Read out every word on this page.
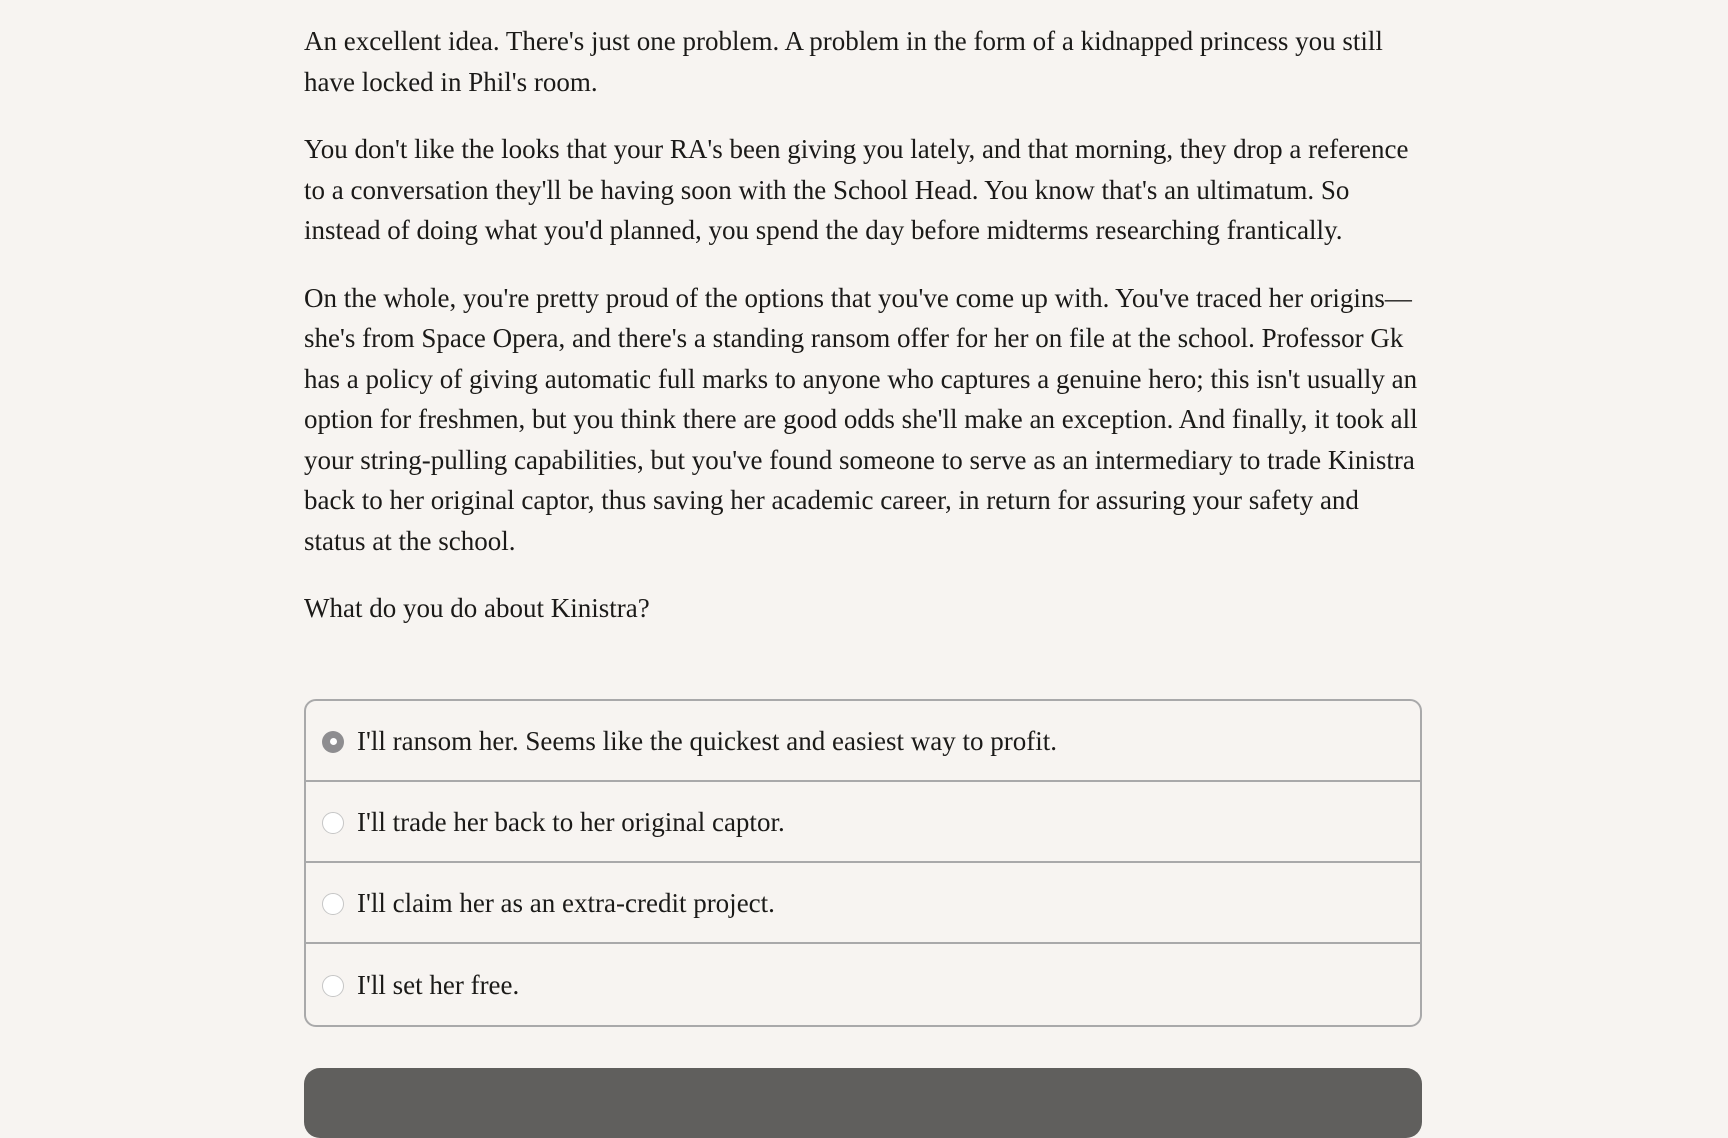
An excellent idea. There's just one problem. A problem in the form of a kidnapped princess you still have locked in Phil's room.

You don't like the looks that your RA's been giving you lately, and that morning, they drop a reference to a conversation they'll be having soon with the School Head. You know that's an ultimatum. So instead of doing what you'd planned, you spend the day before midterms researching frantically.

On the whole, you're pretty proud of the options that you've come up with. You've traced her origins—she's from Space Opera, and there's a standing ransom offer for her on file at the school. Professor Gk has a policy of giving automatic full marks to anyone who captures a genuine hero; this isn't usually an option for freshmen, but you think there are good odds she'll make an exception. And finally, it took all your string-pulling capabilities, but you've found someone to serve as an intermediary to trade Kinistra back to her original captor, thus saving her academic career, in return for assuring your safety and status at the school.

What do you do about Kinistra?

I'll ransom her. Seems like the quickest and easiest way to profit.
I'll trade her back to her original captor.
I'll claim her as an extra-credit project.
I'll set her free.
